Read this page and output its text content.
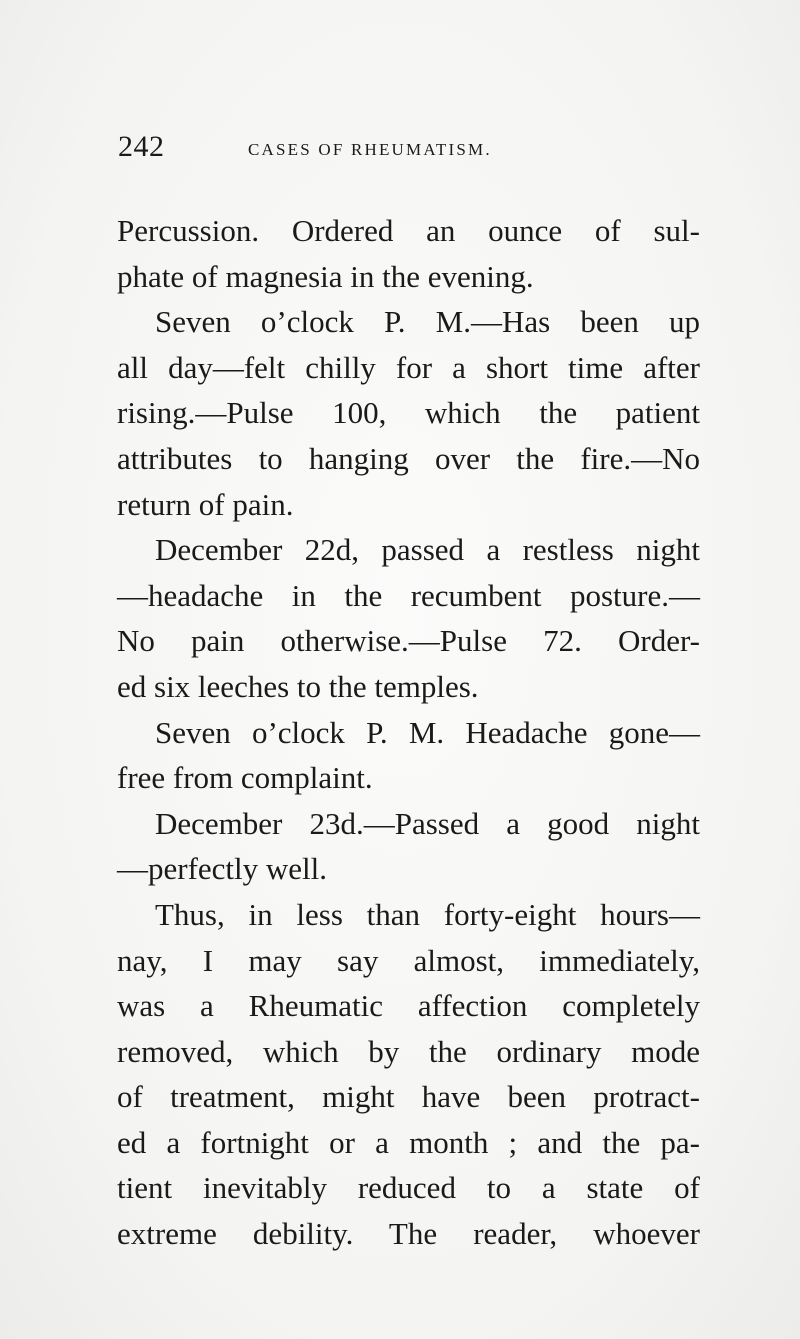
242	CASES OF RHEUMATISM.
Percussion. Ordered an ounce of sul-
phate of magnesia in the evening.
Seven o’clock P. M.—Has been up
all day—felt chilly for a short time after
rising.—Pulse 100, which the patient
attributes to hanging over the fire.—No
return of pain.
December 22d, passed a restless night
—headache in the recumbent posture.—
No pain otherwise.—Pulse 72. Order-
ed six leeches to the temples.
Seven o’clock P. M. Headache gone—
free from complaint.
December 23d.—Passed a good night
—perfectly well.
Thus, in less than forty-eight hours—
nay, I may say almost, immediately,
was a Rheumatic affection completely
removed, which by the ordinary mode
of treatment, might have been protract-
ed a fortnight or a month ; and the pa-
tient inevitably reduced to a state of
extreme debility. The reader, whoever
